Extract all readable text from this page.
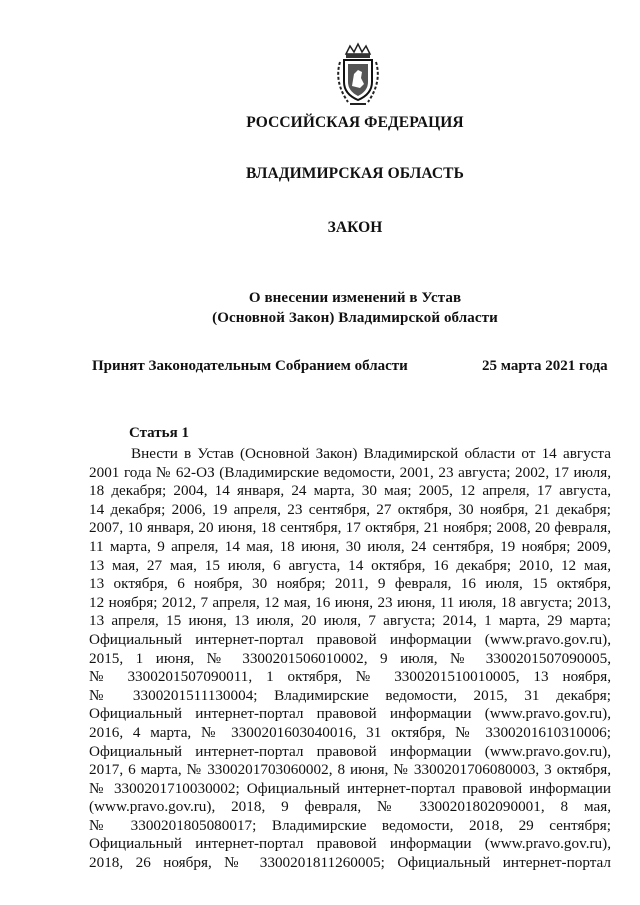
РОССИЙСКАЯ ФЕДЕРАЦИЯ
ВЛАДИМИРСКАЯ ОБЛАСТЬ
ЗАКОН
О внесении изменений в Устав
(Основной Закон) Владимирской области
Принят Законодательным Собранием области	25 марта 2021 года
Статья 1
Внести в Устав (Основной Закон) Владимирской области от 14 августа
2001 года № 62-ОЗ (Владимирские ведомости, 2001, 23 августа; 2002, 17 июля,
18 декабря; 2004, 14 января, 24 марта, 30 мая; 2005, 12 апреля, 17 августа,
14 декабря; 2006, 19 апреля, 23 сентября, 27 октября, 30 ноября, 21 декабря;
2007, 10 января, 20 июня, 18 сентября, 17 октября, 21 ноября; 2008, 20 февраля,
11 марта, 9 апреля, 14 мая, 18 июня, 30 июля, 24 сентября, 19 ноября; 2009,
13 мая, 27 мая, 15 июля, 6 августа, 14 октября, 16 декабря; 2010, 12 мая,
13 октября, 6 ноября, 30 ноября; 2011, 9 февраля, 16 июля, 15 октября,
12 ноября; 2012, 7 апреля, 12 мая, 16 июня, 23 июня, 11 июля, 18 августа; 2013,
13 апреля, 15 июня, 13 июля, 20 июля, 7 августа; 2014, 1 марта, 29 марта;
Официальный интернет-портал правовой информации (www.pravo.gov.ru),
2015, 1 июня, № 3300201506010002, 9 июля, № 3300201507090005,
№ 3300201507090011, 1 октября, № 3300201510010005, 13 ноября,
№ 3300201511130004; Владимирские ведомости, 2015, 31 декабря;
Официальный интернет-портал правовой информации (www.pravo.gov.ru),
2016, 4 марта, № 3300201603040016, 31 октября, № 3300201610310006;
Официальный интернет-портал правовой информации (www.pravo.gov.ru),
2017, 6 марта, № 3300201703060002, 8 июня, № 3300201706080003, 3 октября,
№ 3300201710030002; Официальный интернет-портал правовой информации
(www.pravo.gov.ru), 2018, 9 февраля, № 3300201802090001, 8 мая,
№ 3300201805080017; Владимирские ведомости, 2018, 29 сентября;
Официальный интернет-портал правовой информации (www.pravo.gov.ru),
2018, 26 ноября, № 3300201811260005; Официальный интернет-портал
